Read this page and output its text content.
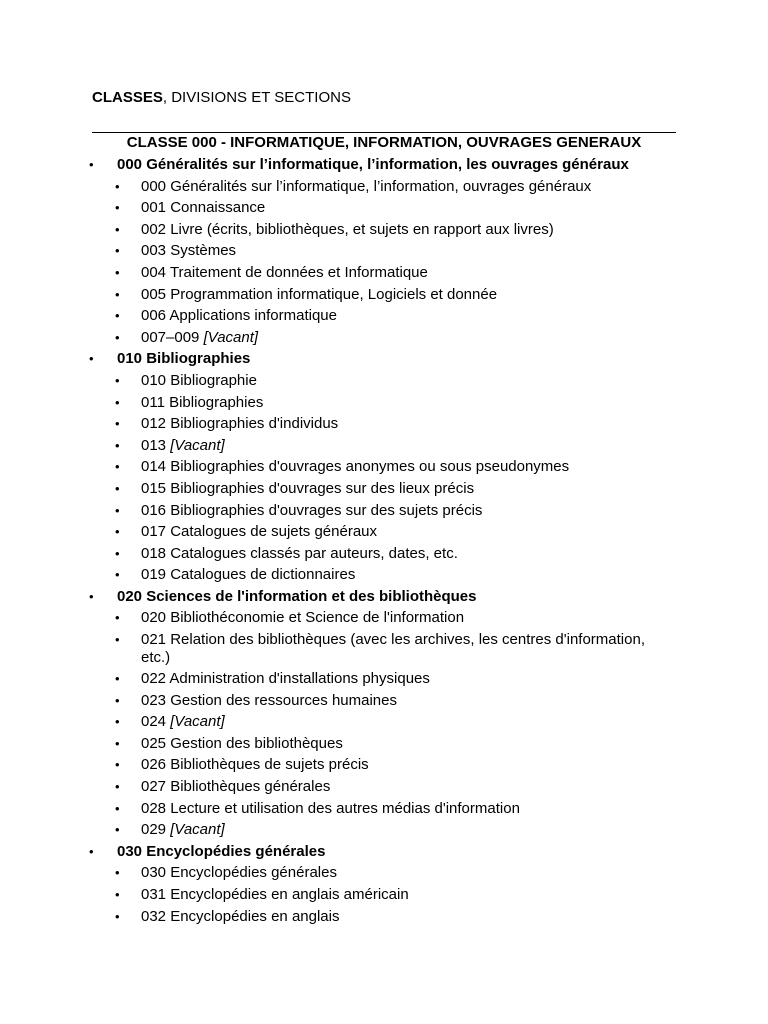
CLASSES, DIVISIONS ET SECTIONS
CLASSE 000 - INFORMATIQUE, INFORMATION, OUVRAGES GENERAUX
• 000 Généralités sur l’informatique, l’information, les ouvrages généraux
• 000 Généralités sur l’informatique, l’information, ouvrages généraux
• 001 Connaissance
• 002 Livre (écrits, bibliothèques, et sujets en rapport aux livres)
• 003 Systèmes
• 004 Traitement de données et Informatique
• 005 Programmation informatique, Logiciels et donnée
• 006 Applications informatique
• 007–009 [Vacant]
• 010 Bibliographies
• 010 Bibliographie
• 011 Bibliographies
• 012 Bibliographies d'individus
• 013 [Vacant]
• 014 Bibliographies d'ouvrages anonymes ou sous pseudonymes
• 015 Bibliographies d'ouvrages sur des lieux précis
• 016 Bibliographies d'ouvrages sur des sujets précis
• 017 Catalogues de sujets généraux
• 018 Catalogues classés par auteurs, dates, etc.
• 019 Catalogues de dictionnaires
• 020 Sciences de l'information et des bibliothèques
• 020 Bibliothéconomie et Science de l'information
• 021 Relation des bibliothèques (avec les archives, les centres d'information, etc.)
• 022 Administration d'installations physiques
• 023 Gestion des ressources humaines
• 024 [Vacant]
• 025 Gestion des bibliothèques
• 026 Bibliothèques de sujets précis
• 027 Bibliothèques générales
• 028 Lecture et utilisation des autres médias d'information
• 029 [Vacant]
• 030 Encyclopédies générales
• 030 Encyclopédies générales
• 031 Encyclopédies en anglais américain
• 032 Encyclopédies en anglais
